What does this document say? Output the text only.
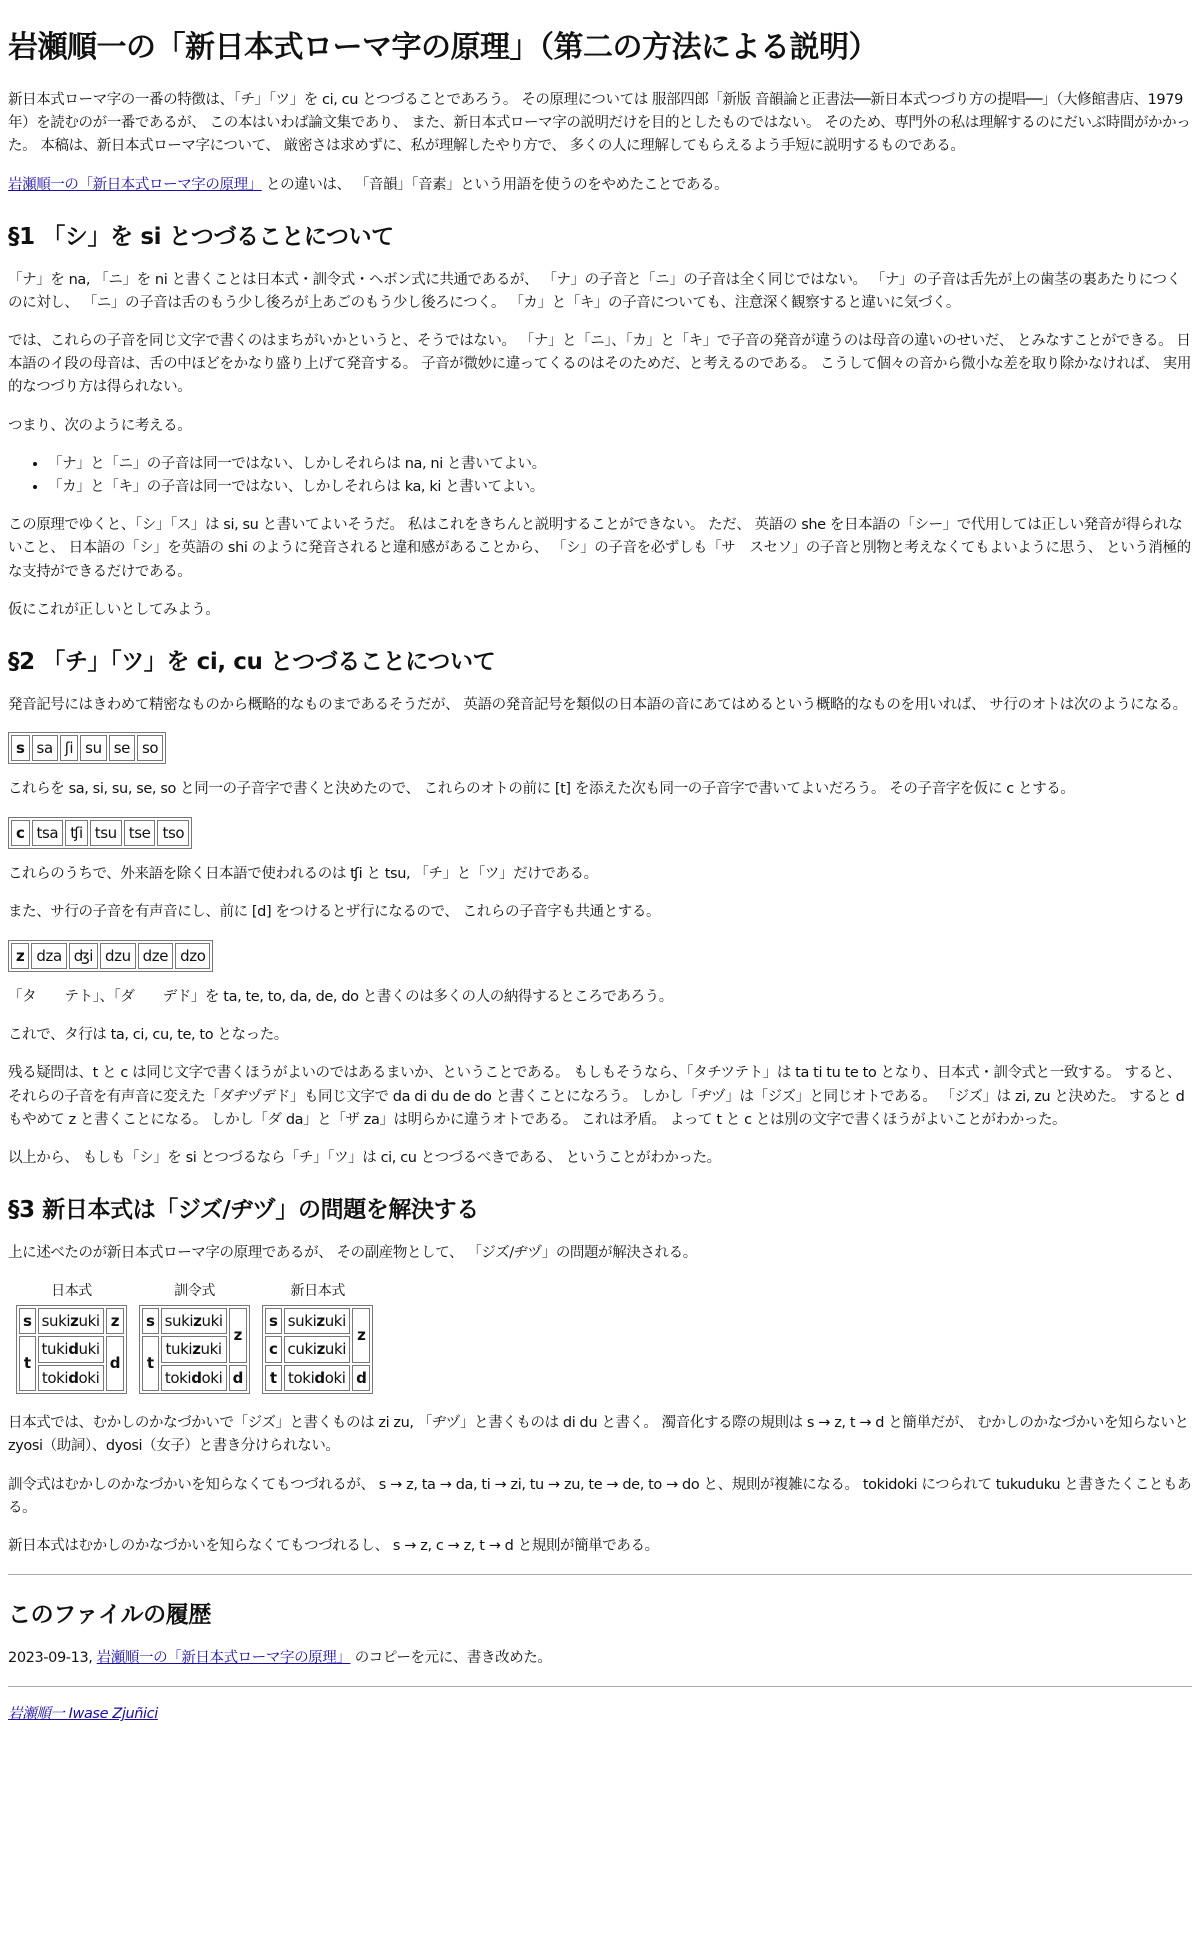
岩瀬順一の「新日本式ローマ字の原理」（第二の方法による説明）

新日本式ローマ字の一番の特徴は、「チ」「ツ」を ci, cu とつづることであろう。 その原理については 服部四郎「新版 音韻論と正書法──新日本式つづり方の提唱──」（大修館書店、1979 年）を読むのが一番であるが、 この本はいわば論文集であり、 また、新日本式ローマ字の説明だけを目的としたものではない。 そのため、専門外の私は理解するのにだいぶ時間がかかった。 本稿は、新日本式ローマ字について、 厳密さは求めずに、私が理解したやり方で、 多くの人に理解してもらえるよう手短に説明するものである。

岩瀬順一の「新日本式ローマ字の原理」 との違いは、 「音韻」「音素」という用語を使うのをやめたことである。

§1 「シ」を si とつづることについて

「ナ」を na, 「ニ」を ni と書くことは日本式・訓令式・ヘボン式に共通であるが、 「ナ」の子音と「ニ」の子音は全く同じではない。 「ナ」の子音は舌先が上の歯茎の裏あたりにつくのに対し、 「ニ」の子音は舌のもう少し後ろが上あごのもう少し後ろにつく。 「カ」と「キ」の子音についても、注意深く観察すると違いに気づく。

では、これらの子音を同じ文字で書くのはまちがいかというと、そうではない。 「ナ」と「ニ」、「カ」と「キ」で子音の発音が違うのは母音の違いのせいだ、 とみなすことができる。 日本語のイ段の母音は、舌の中ほどをかなり盛り上げて発音する。 子音が微妙に違ってくるのはそのためだ、と考えるのである。 こうして個々の音から微小な差を取り除かなければ、 実用的なつづり方は得られない。

つまり、次のように考える。

• 「ナ」と「ニ」の子音は同一ではない、しかしそれらは na, ni と書いてよい。
• 「カ」と「キ」の子音は同一ではない、しかしそれらは ka, ki と書いてよい。

この原理でゆくと、「シ」「ス」は si, su と書いてよいそうだ。 私はこれをきちんと説明することができない。 ただ、 英語の she を日本語の「シー」で代用しては正しい発音が得られないこと、 日本語の「シ」を英語の shi のように発音されると違和感があることから、 「シ」の子音を必ずしも「サ　スセソ」の子音と別物と考えなくてもよいように思う、 という消極的な支持ができるだけである。

仮にこれが正しいとしてみよう。

§2 「チ」「ツ」を ci, cu とつづることについて

発音記号にはきわめて精密なものから概略的なものまであるそうだが、 英語の発音記号を類似の日本語の音にあてはめるという概略的なものを用いれば、 サ行のオトは次のようになる。

s	sa	ʃi	su	se	so

これらを sa, si, su, se, so と同一の子音字で書くと決めたので、 これらのオトの前に [t] を添えた次も同一の子音字で書いてよいだろう。 その子音字を仮に c とする。

c	tsa	ʧi	tsu	tse	tso

これらのうちで、外来語を除く日本語で使われるのは ʧi と tsu, 「チ」と「ツ」だけである。

また、サ行の子音を有声音にし、前に [d] をつけるとザ行になるので、 これらの子音字も共通とする。

z	dza	ʤi	dzu	dze	dzo

「タ　　テト」、「ダ　　デド」を ta, te, to, da, de, do と書くのは多くの人の納得するところであろう。

これで、タ行は ta, ci, cu, te, to となった。

残る疑問は、t と c は同じ文字で書くほうがよいのではあるまいか、ということである。 もしもそうなら、「タチツテト」は ta ti tu te to となり、日本式・訓令式と一致する。 すると、それらの子音を有声音に変えた「ダヂヅデド」も同じ文字で da di du de do と書くことになろう。 しかし「ヂヅ」は「ジズ」と同じオトである。 「ジズ」は zi, zu と決めた。 すると d もやめて z と書くことになる。 しかし「ダ da」と「ザ za」は明らかに違うオトである。 これは矛盾。 よって t と c とは別の文字で書くほうがよいことがわかった。

以上から、 もしも「シ」を si とつづるなら「チ」「ツ」は ci, cu とつづるべきである、 ということがわかった。

§3 新日本式は「ジズ/ヂヅ」の問題を解決する

上に述べたのが新日本式ローマ字の原理であるが、 その副産物として、 「ジズ/ヂヅ」の問題が解決される。

日本式
s	sukizuki	z
t	tukiduki	d
	tokidoki	
訓令式
s	sukizuki	z
t	tukizuki	
	tokidoki	d
新日本式
s	sukizuki	z
c	cukizuki	
t	tokidoki	d

日本式では、むかしのかなづかいで「ジズ」と書くものは zi zu, 「ヂヅ」と書くものは di du と書く。 濁音化する際の規則は s → z, t → d と簡単だが、 むかしのかなづかいを知らないと zyosi（助詞）、dyosi（女子）と書き分けられない。

訓令式はむかしのかなづかいを知らなくてもつづれるが、 s → z, ta → da, ti → zi, tu → zu, te → de, to → do と、規則が複雑になる。 tokidoki につられて tukuduku と書きたくこともある。

新日本式はむかしのかなづかいを知らなくてもつづれるし、 s → z, c → z, t → d と規則が簡単である。

このファイルの履歴

2023-09-13, 岩瀬順一の「新日本式ローマ字の原理」 のコピーを元に、書き改めた。

岩瀬順一 Iwase Zjuñici
